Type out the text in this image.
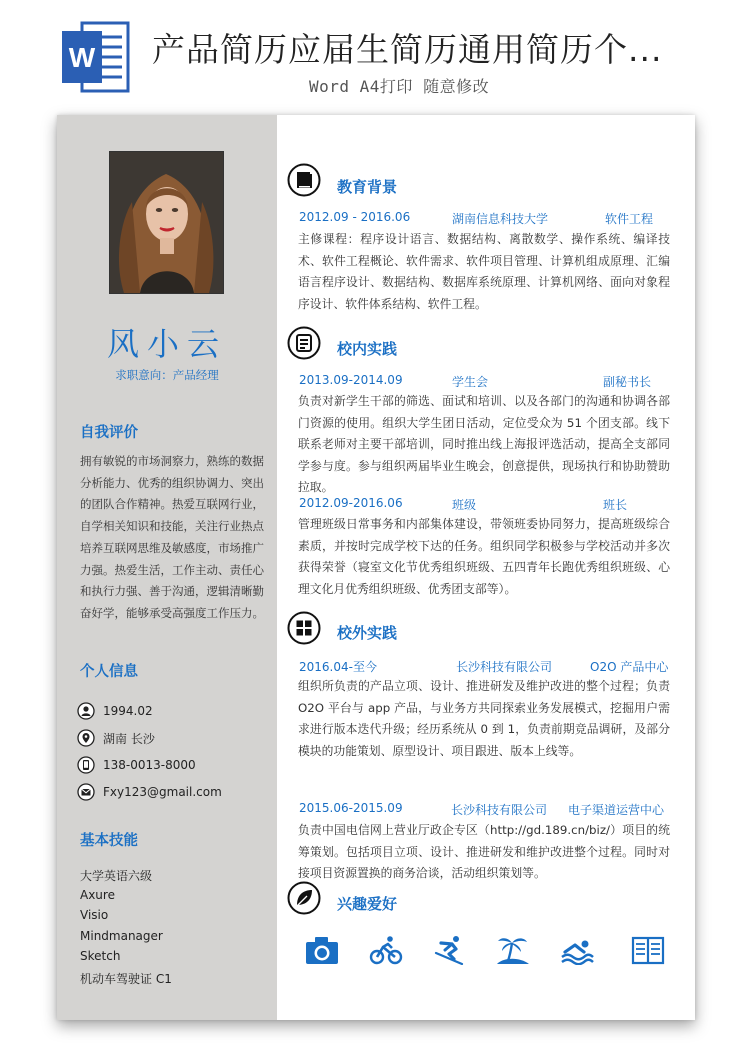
W 产品简历应届生简历通用简历个...
Word A4打印 随意修改
风小云
求职意向：产品经理
自我评价
拥有敏锐的市场洞察力，熟练的数据分析能力、优秀的组织协调力、突出的团队合作精神。热爱互联网行业，自学相关知识和技能，关注行业热点培养互联网思维及敏感度，市场推广力强。热爱生活，工作主动、责任心和执行力强、善于沟通，逻辑清晰勤奋好学，能够承受高强度工作压力。
个人信息
1994.02
湖南 长沙
138-0013-8000
Fxy123@gmail.com
基本技能
大学英语六级
Axure
Visio
Mindmanager
Sketch
机动车驾驶证 C1
教育背景
2012.09 - 2016.06	湖南信息科技大学	软件工程
主修课程：程序设计语言、数据结构、离散数学、操作系统、编译技术、软件工程概论、软件需求、软件项目管理、计算机组成原理、汇编语言程序设计、数据结构、数据库系统原理、计算机网络、面向对象程序设计、软件体系结构、软件工程。
校内实践
2013.09-2014.09	学生会	副秘书长
负责对新学生干部的筛选、面试和培训、以及各部门的沟通和协调各部门资源的使用。组织大学生团日活动，定位受众为 51 个团支部。线下联系老师对主要干部培训，同时推出线上海报评选活动，提高全支部同学参与度。参与组织两届毕业生晚会，创意提供，现场执行和协助赞助拉取。
2012.09-2016.06	班级	班长
管理班级日常事务和内部集体建设，带领班委协同努力，提高班级综合素质，并按时完成学校下达的任务。组织同学积极参与学校活动并多次获得荣誉（寝室文化节优秀组织班级、五四青年长跑优秀组织班级、心理文化月优秀组织班级、优秀团支部等）。
校外实践
2016.04-至今	长沙科技有限公司	O2O 产品中心
组织所负责的产品立项、设计、推进研发及维护改进的整个过程；负责 O2O 平台与 app 产品，与业务方共同探索业务发展模式，挖掘用户需求进行版本迭代升级；经历系统从 0 到 1，负责前期竞品调研，及部分模块的功能策划、原型设计、项目跟进、版本上线等。
2015.06-2015.09	长沙科技有限公司 电子渠道运营中心
负责中国电信网上营业厅政企专区（http://gd.189.cn/biz/）项目的统筹策划。包括项目立项、设计、推进研发和维护改进整个过程。同时对接项目资源置换的商务洽谈，活动组织策划等。
兴趣爱好
